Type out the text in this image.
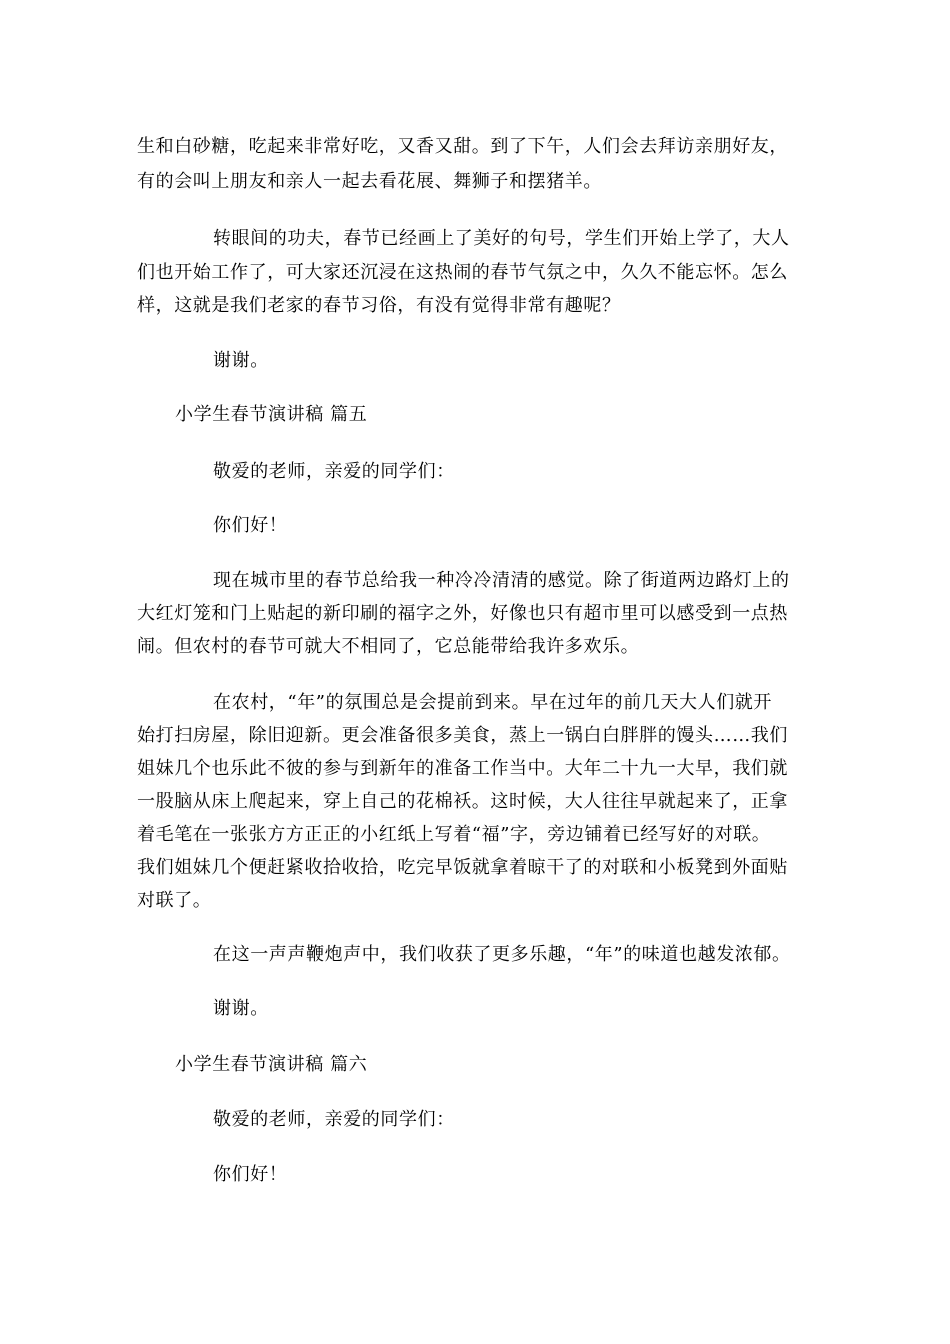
生和白砂糖，吃起来非常好吃，又香又甜。到了下午，人们会去拜访亲朋好友，
有的会叫上朋友和亲人一起去看花展、舞狮子和摆猪羊。
转眼间的功夫，春节已经画上了美好的句号，学生们开始上学了，大人
们也开始工作了，可大家还沉浸在这热闹的春节气氛之中，久久不能忘怀。怎么
样，这就是我们老家的春节习俗，有没有觉得非常有趣呢？
谢谢。
小学生春节演讲稿 篇五
敬爱的老师，亲爱的同学们：
你们好！
现在城市里的春节总给我一种冷冷清清的感觉。除了街道两边路灯上的
大红灯笼和门上贴起的新印刷的福字之外，好像也只有超市里可以感受到一点热
闹。但农村的春节可就大不相同了，它总能带给我许多欢乐。
在农村，“年”的氛围总是会提前到来。早在过年的前几天大人们就开
始打扫房屋，除旧迎新。更会准备很多美食，蒸上一锅白白胖胖的馒头……我们
姐妹几个也乐此不彼的参与到新年的准备工作当中。大年二十九一大早，我们就
一股脑从床上爬起来，穿上自己的花棉袄。这时候，大人往往早就起来了，正拿
着毛笔在一张张方方正正的小红纸上写着“福”字，旁边铺着已经写好的对联。
我们姐妹几个便赶紧收拾收拾，吃完早饭就拿着晾干了的对联和小板凳到外面贴
对联了。
在这一声声鞭炮声中，我们收获了更多乐趣，“年”的味道也越发浓郁。
谢谢。
小学生春节演讲稿 篇六
敬爱的老师，亲爱的同学们：
你们好！
